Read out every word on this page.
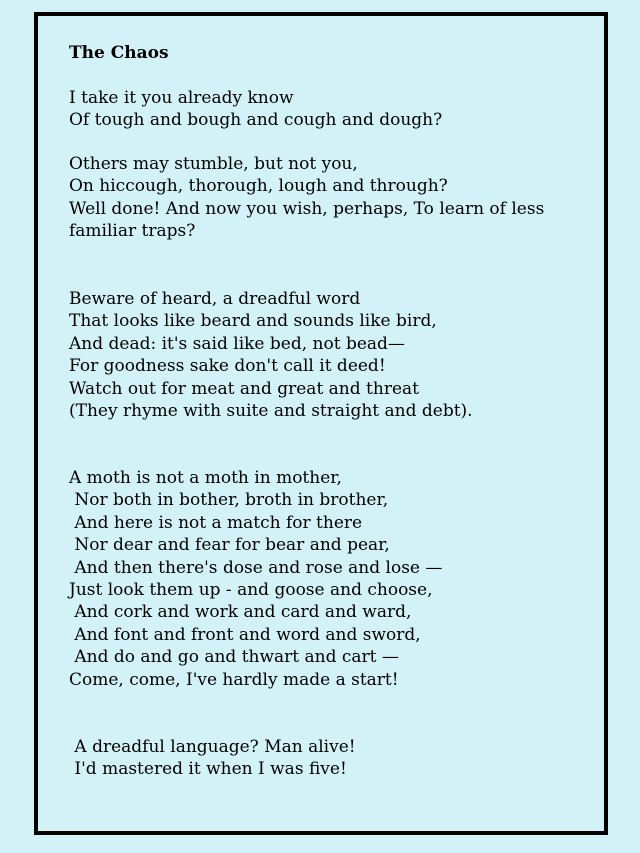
The Chaos
I take it you already know
Of tough and bough and cough and dough?
Others may stumble, but not you,
On hiccough, thorough, lough and through?
Well done! And now you wish, perhaps, To learn of less
familiar traps?
Beware of heard, a dreadful word
That looks like beard and sounds like bird,
And dead: it's said like bed, not bead—
For goodness sake don't call it deed!
Watch out for meat and great and threat
(They rhyme with suite and straight and debt).
A moth is not a moth in mother,
Nor both in bother, broth in brother,
And here is not a match for there
Nor dear and fear for bear and pear,
And then there's dose and rose and lose —
Just look them up - and goose and choose,
And cork and work and card and ward,
And font and front and word and sword,
And do and go and thwart and cart —
Come, come, I've hardly made a start!
A dreadful language? Man alive!
I'd mastered it when I was five!
